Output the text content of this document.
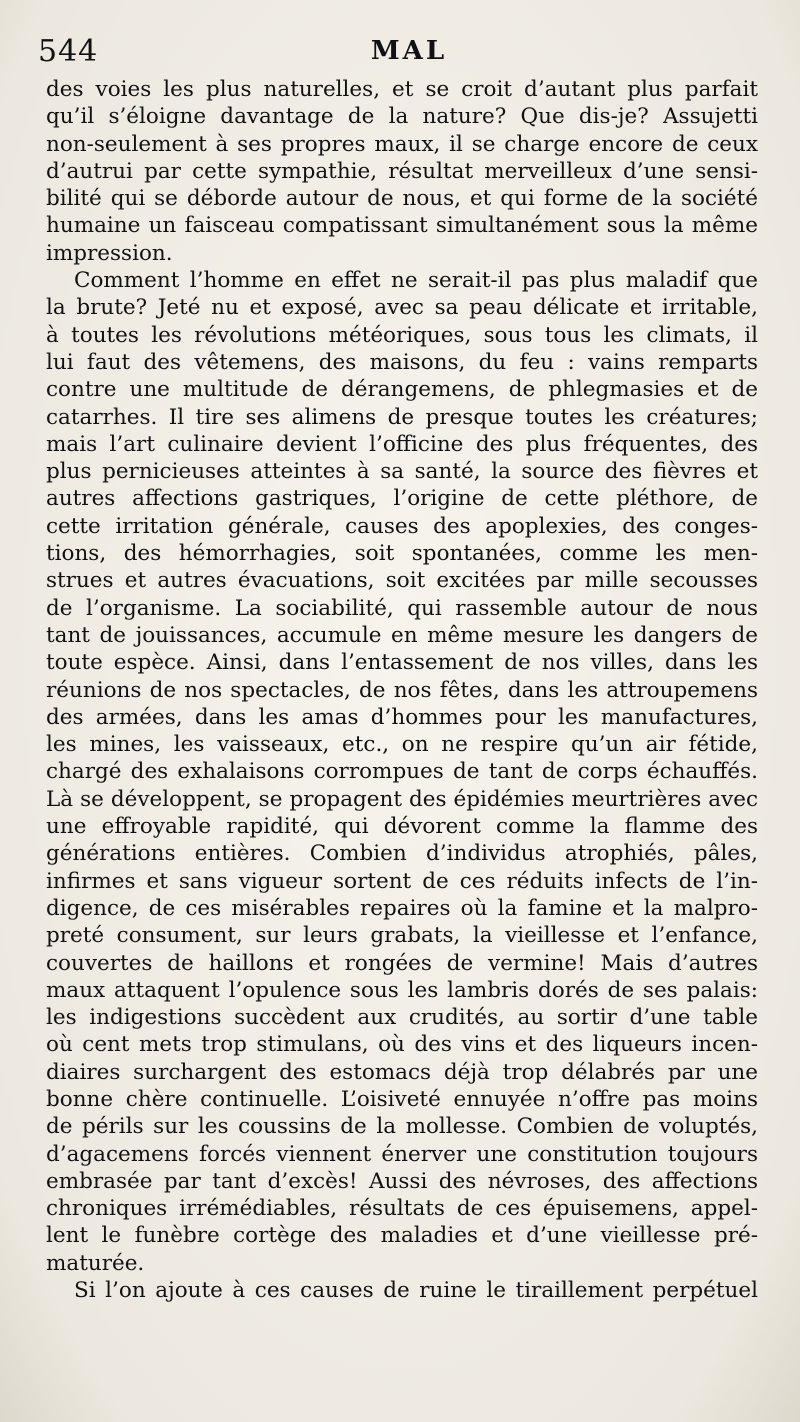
544	MAL
des voies les plus naturelles, et se croit d’autant plus parfait
qu’il s’éloigne davantage de la nature? Que dis-je? Assujetti
non-seulement à ses propres maux, il se charge encore de ceux
d’autrui par cette sympathie, résultat merveilleux d’une sensi-
bilité qui se déborde autour de nous, et qui forme de la société
humaine un faisceau compatissant simultanément sous la même
impression.
Comment l’homme en effet ne serait-il pas plus maladif que
la brute? Jeté nu et exposé, avec sa peau délicate et irritable,
à toutes les révolutions météoriques, sous tous les climats, il
lui faut des vêtemens, des maisons, du feu : vains remparts
contre une multitude de dérangemens, de phlegmasies et de
catarrhes. Il tire ses alimens de presque toutes les créatures;
mais l’art culinaire devient l’officine des plus fréquentes, des
plus pernicieuses atteintes à sa santé, la source des fièvres et
autres affections gastriques, l’origine de cette pléthore, de
cette irritation générale, causes des apoplexies, des conges-
tions, des hémorrhagies, soit spontanées, comme les men-
strues et autres évacuations, soit excitées par mille secousses
de l’organisme. La sociabilité, qui rassemble autour de nous
tant de jouissances, accumule en même mesure les dangers de
toute espèce. Ainsi, dans l’entassement de nos villes, dans les
réunions de nos spectacles, de nos fêtes, dans les attroupemens
des armées, dans les amas d’hommes pour les manufactures,
les mines, les vaisseaux, etc., on ne respire qu’un air fétide,
chargé des exhalaisons corrompues de tant de corps échauffés.
Là se développent, se propagent des épidémies meurtrières avec
une effroyable rapidité, qui dévorent comme la flamme des
générations entières. Combien d’individus atrophiés, pâles,
infirmes et sans vigueur sortent de ces réduits infects de l’in-
digence, de ces misérables repaires où la famine et la malpro-
preté consument, sur leurs grabats, la vieillesse et l’enfance,
couvertes de haillons et rongées de vermine! Mais d’autres
maux attaquent l’opulence sous les lambris dorés de ses palais:
les indigestions succèdent aux crudités, au sortir d’une table
où cent mets trop stimulans, où des vins et des liqueurs incen-
diaires surchargent des estomacs déjà trop délabrés par une
bonne chère continuelle. L’oisiveté ennuyée n’offre pas moins
de périls sur les coussins de la mollesse. Combien de voluptés,
d’agacemens forcés viennent énerver une constitution toujours
embrasée par tant d’excès! Aussi des névroses, des affections
chroniques irrémédiables, résultats de ces épuisemens, appel-
lent le funèbre cortège des maladies et d’une vieillesse pré-
maturée.
Si l’on ajoute à ces causes de ruine le tiraillement perpétuel
